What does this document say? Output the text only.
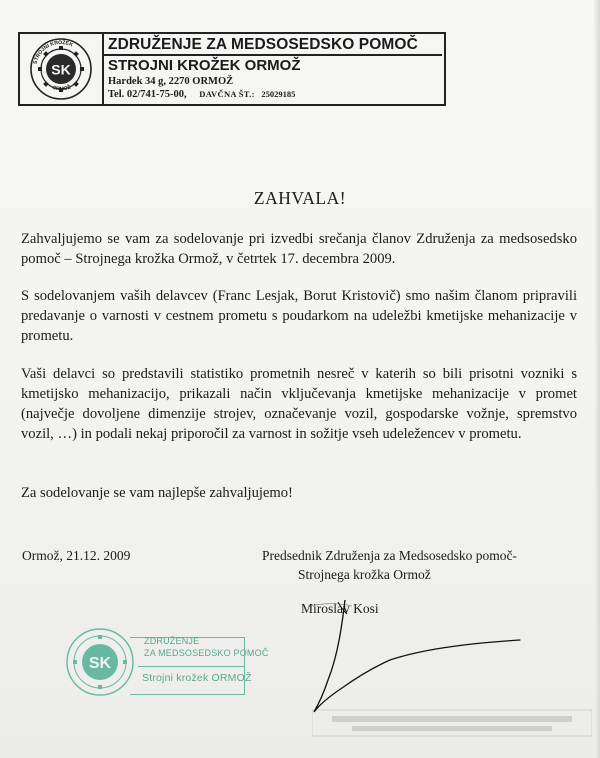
SK
STROJNI KROŽEK
ORMOŽ
ZDRUŽENJE ZA MEDSOSEDSKO POMOČ
STROJNI KROŽEK ORMOŽ
Hardek 34 g, 2270 ORMOŽ
Tel. 02/741-75-00, DAVČNA ŠT.: 25029185
ZAHVALA!
Zahvaljujemo se vam za sodelovanje pri izvedbi srečanja članov Združenja za medsosedsko pomoč – Strojnega krožka Ormož, v četrtek 17. decembra 2009.
S sodelovanjem vaših delavcev (Franc Lesjak, Borut Kristovič) smo našim članom pripravili predavanje o varnosti v cestnem prometu s poudarkom na udeležbi kmetijske mehanizacije v prometu.
Vaši delavci so predstavili statistiko prometnih nesreč v katerih so bili prisotni vozniki s kmetijsko mehanizacijo, prikazali način vključevanja kmetijske mehanizacije v promet (največje dovoljene dimenzije strojev, označevanje vozil, gospodarske vožnje, spremstvo vozil, …) in podali nekaj priporočil za varnost in sožitje vseh udeležencev v prometu.
Za sodelovanje se vam najlepše zahvaljujemo!
Ormož, 21.12. 2009	Predsednik Združenja za Medsosedsko pomoč-
Strojnega krožka Ormož
Miroslav Kosi
SK
ZDRUŽENJE
ZA MEDSOSEDSKO POMOČ
Strojni krožek ORMOŽ
